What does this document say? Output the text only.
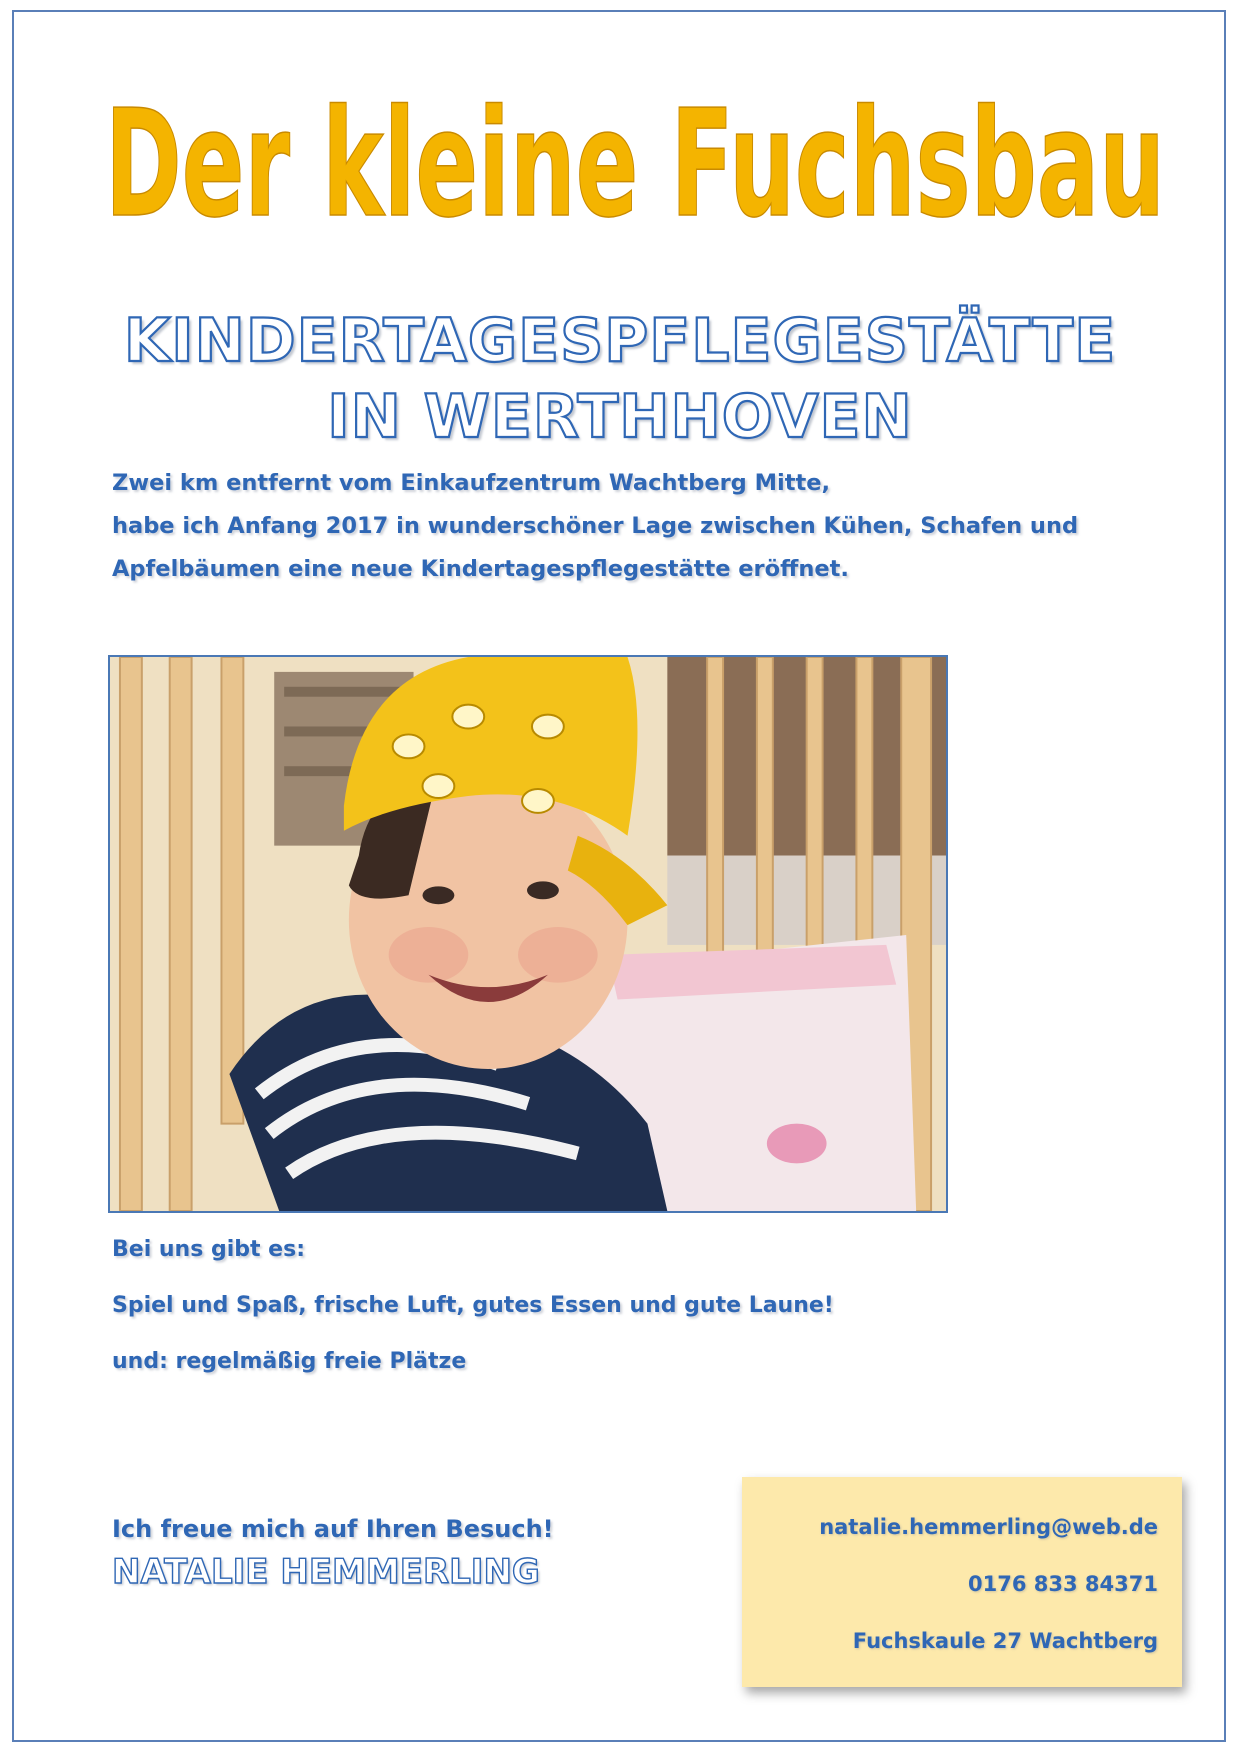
Der kleine Fuchsbau
KINDERTAGESPFLEGESTÄTTE
IN WERTHHOVEN
Zwei km entfernt vom Einkaufzentrum Wachtberg Mitte,
habe ich Anfang 2017 in wunderschöner Lage zwischen Kühen, Schafen und
Apfelbäumen eine neue Kindertagespflegestätte eröffnet.
Bei uns gibt es:
Spiel und Spaß, frische Luft, gutes Essen und gute Laune!
und: regelmäßig freie Plätze
Ich freue mich auf Ihren Besuch!
NATALIE HEMMERLING
natalie.hemmerling@web.de
0176 833 84371
Fuchskaule 27 Wachtberg
